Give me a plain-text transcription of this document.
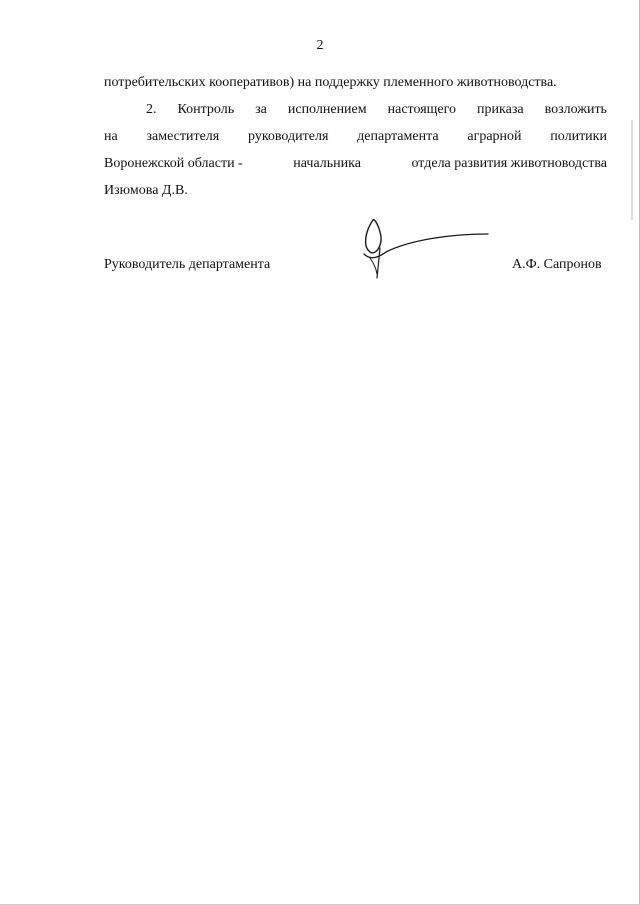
2
потребительских кооперативов) на поддержку племенного животноводства.
2. Контроль за исполнением настоящего приказа возложить
на заместителя руководителя департамента аграрной политики
Воронежской области -	начальника	отдела развития животноводства
Изюмова Д.В.
Руководитель департамента	А.Ф. Сапронов
